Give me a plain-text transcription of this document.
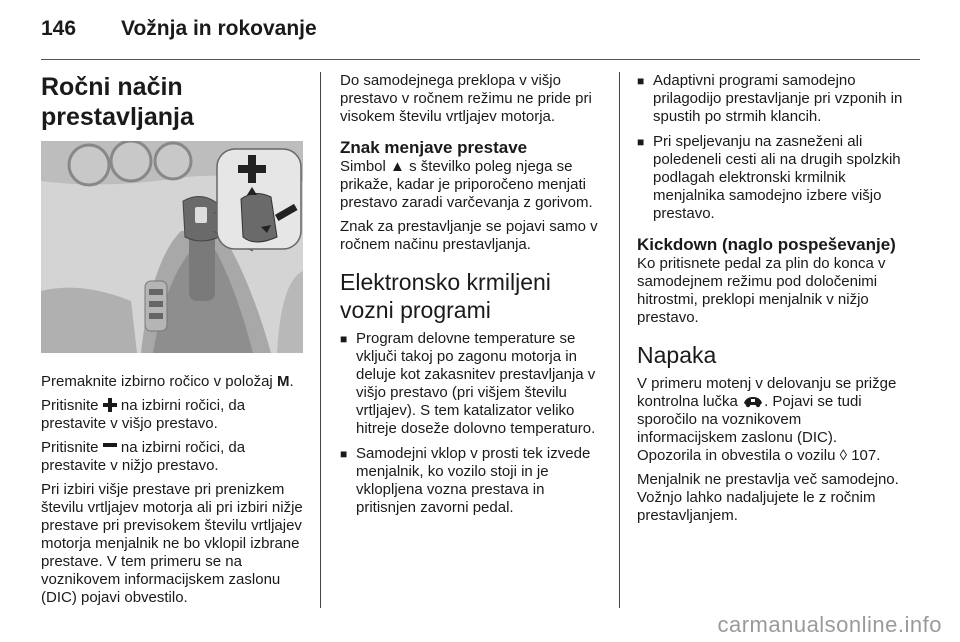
146	Vožnja in rokovanje
Ročni način prestavljanja

Premaknite izbirno ročico v položaj M.

Pritisnite na izbirni ročici, da prestavite v višjo prestavo.

Pritisnite na izbirni ročici, da prestavite v nižjo prestavo.

Pri izbiri višje prestave pri prenizkem številu vrtljajev motorja ali pri izbiri nižje prestave pri previsokem številu vrtljajev motorja menjalnik ne bo vklopil izbrane prestave. V tem primeru se na voznikovem informacijskem zaslonu (DIC) pojavi obvestilo.

Do samodejnega preklopa v višjo prestavo v ročnem režimu ne pride pri visokem številu vrtljajev motorja.

Znak menjave prestave

Simbol ▲ s številko poleg njega se prikaže, kadar je priporočeno menjati prestavo zaradi varčevanja z gorivom.

Znak za prestavljanje se pojavi samo v ročnem načinu prestavljanja.

Elektronsko krmiljeni vozni programi
■ Program delovne temperature se vključi takoj po zagonu motorja in deluje kot zakasnitev prestavljanja v višjo prestavo (pri višjem številu vrtljajev). S tem katalizator veliko hitreje doseže dolovno temperaturo.
■ Samodejni vklop v prosti tek izvede menjalnik, ko vozilo stoji in je vklopljena vozna prestava in pritisnjen zavorni pedal.
■ Adaptivni programi samodejno prilagodijo prestavljanje pri vzponih in spustih po strmih klancih.
■ Pri speljevanju na zasneženi ali poledeneli cesti ali na drugih spolzkih podlagah elektronski krmilnik menjalnika samodejno izbere višjo prestavo.
Kickdown (naglo pospeševanje)

Ko pritisnete pedal za plin do konca v samodejnem režimu pod določenimi hitrostmi, preklopi menjalnik v nižjo prestavo.

Napaka

V primeru motenj v delovanju se prižge kontrolna lučka . Pojavi se tudi sporočilo na voznikovem informacijskem zaslonu (DIC). Opozorila in obvestila o vozilu ◊ 107.

Menjalnik ne prestavlja več samodejno. Vožnjo lahko nadaljujete le z ročnim prestavljanjem.

carmanualsonline.info
